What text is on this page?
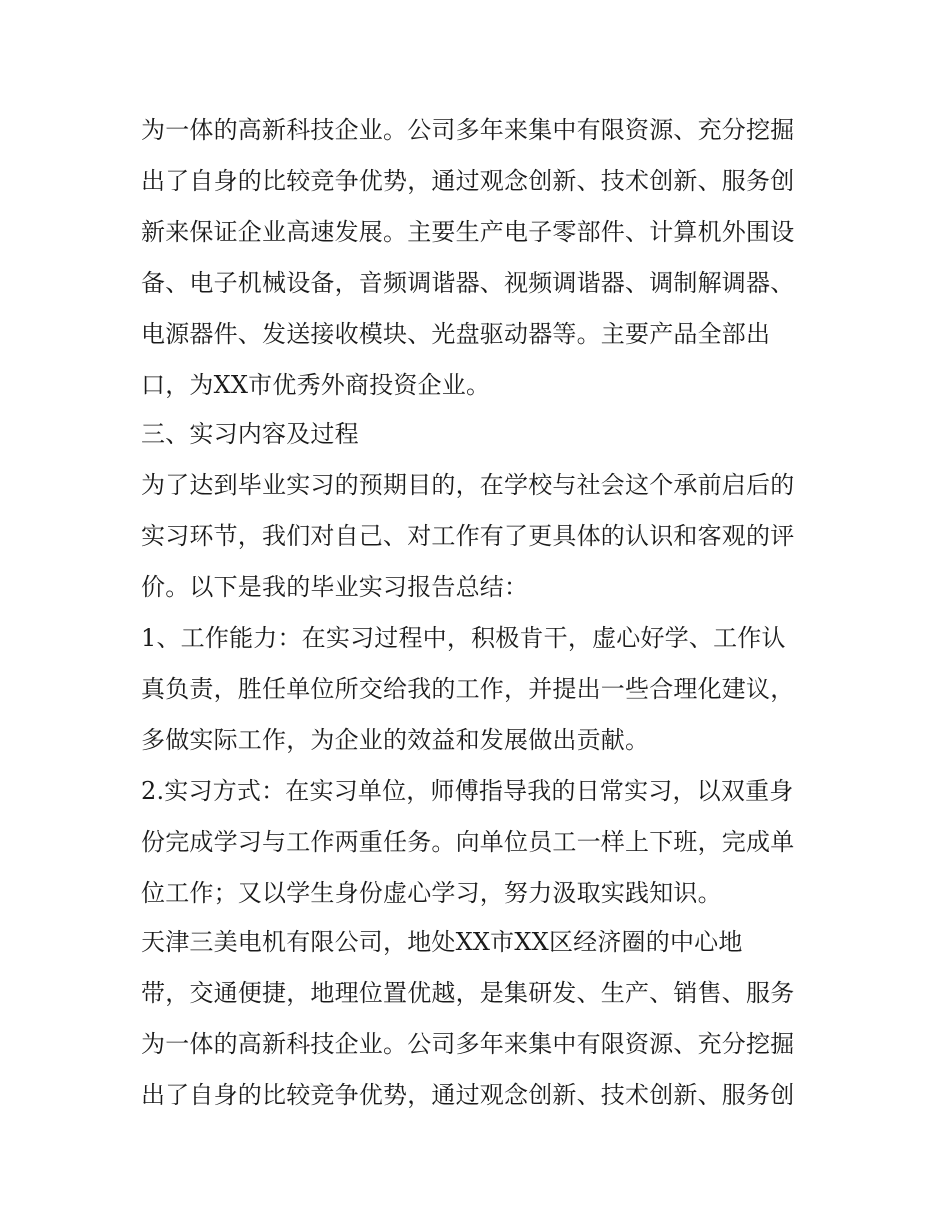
为一体的高新科技企业。公司多年来集中有限资源、充分挖掘
出了自身的比较竞争优势，通过观念创新、技术创新、服务创
新来保证企业高速发展。主要生产电子零部件、计算机外围设
备、电子机械设备，音频调谐器、视频调谐器、调制解调器、
电源器件、发送接收模块、光盘驱动器等。主要产品全部出
口，为XX市优秀外商投资企业。
三、实习内容及过程
为了达到毕业实习的预期目的，在学校与社会这个承前启后的
实习环节，我们对自己、对工作有了更具体的认识和客观的评
价。以下是我的毕业实习报告总结：
1、工作能力：在实习过程中，积极肯干，虚心好学、工作认
真负责，胜任单位所交给我的工作，并提出一些合理化建议，
多做实际工作，为企业的效益和发展做出贡献。
2.实习方式：在实习单位，师傅指导我的日常实习，以双重身
份完成学习与工作两重任务。向单位员工一样上下班，完成单
位工作；又以学生身份虚心学习，努力汲取实践知识。
天津三美电机有限公司，地处XX市XX区经济圈的中心地
带，交通便捷，地理位置优越，是集研发、生产、销售、服务
为一体的高新科技企业。公司多年来集中有限资源、充分挖掘
出了自身的比较竞争优势，通过观念创新、技术创新、服务创
